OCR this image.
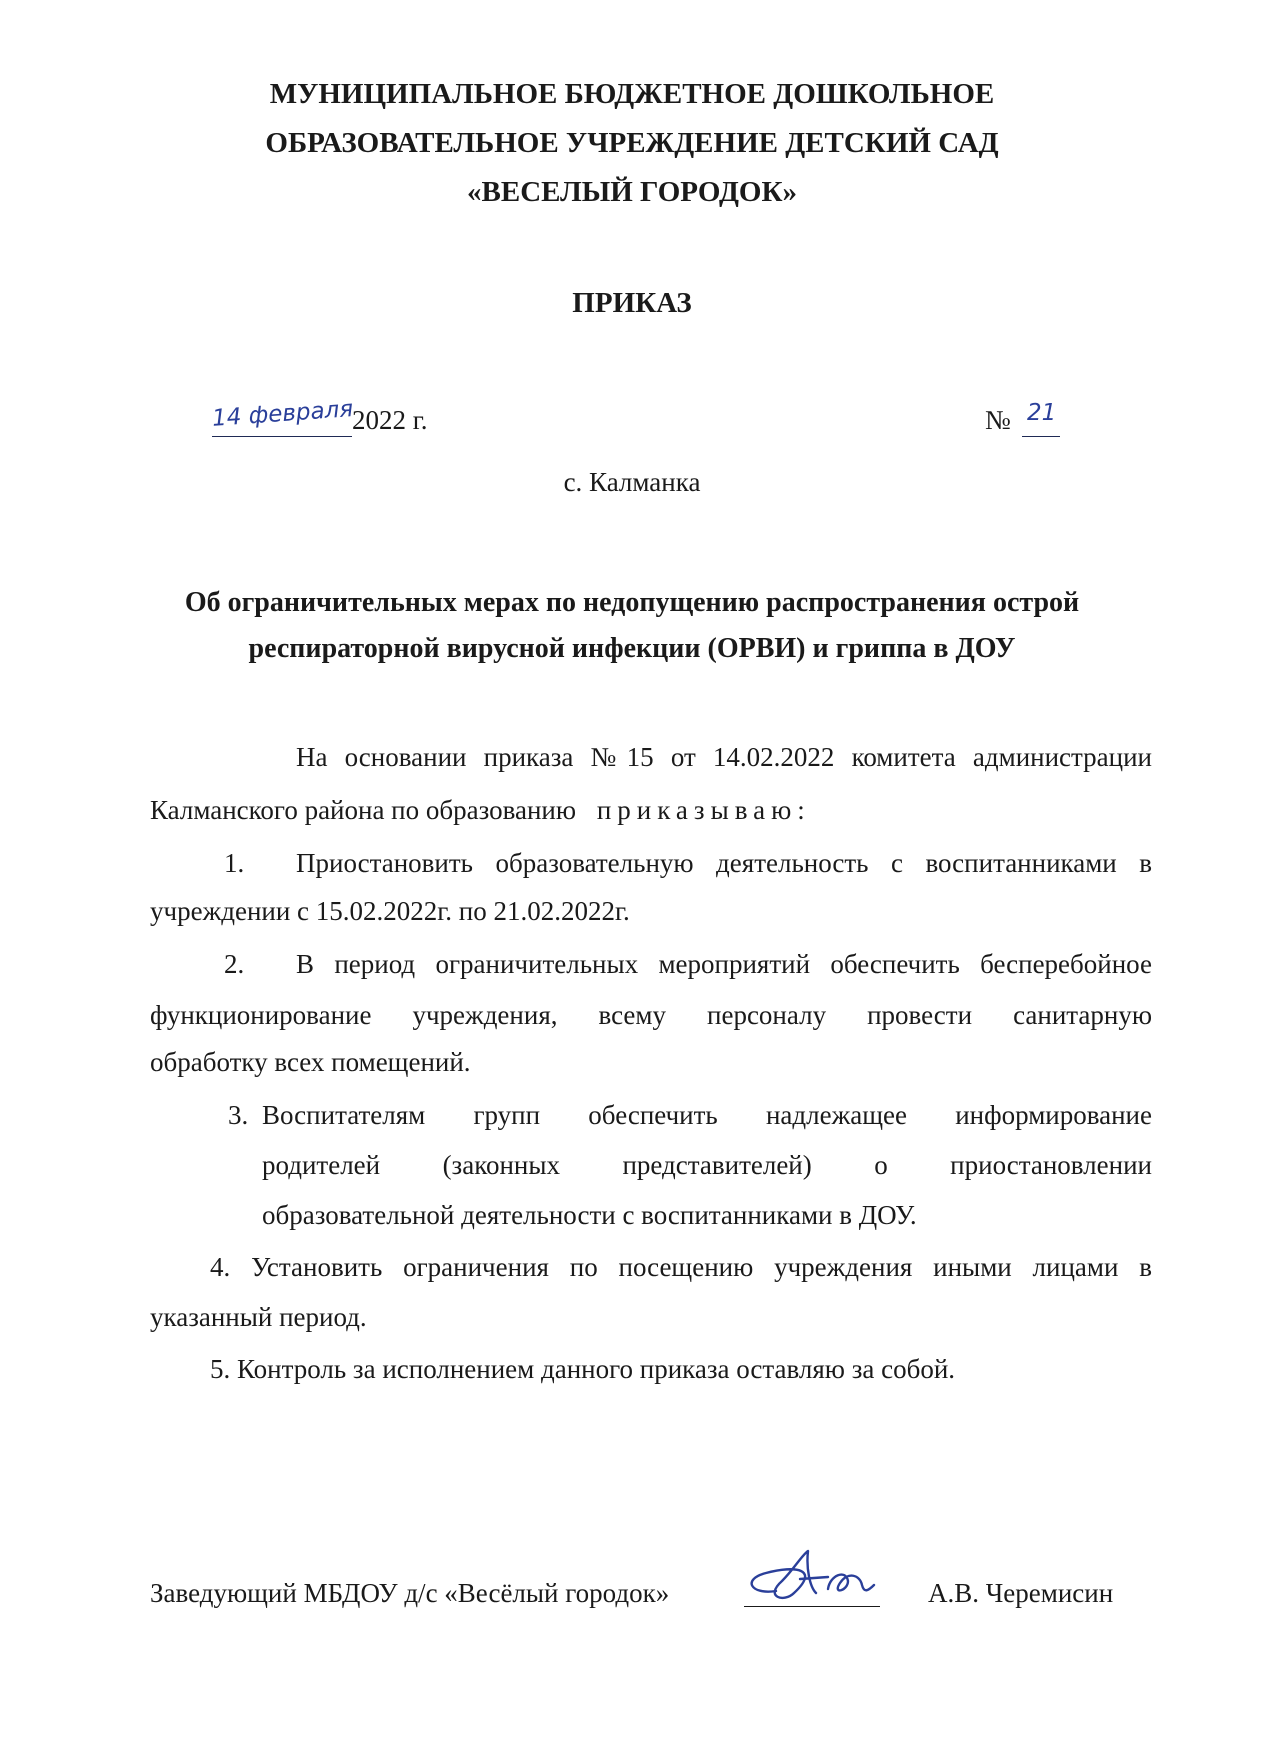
МУНИЦИПАЛЬНОЕ БЮДЖЕТНОЕ ДОШКОЛЬНОЕ
ОБРАЗОВАТЕЛЬНОЕ УЧРЕЖДЕНИЕ ДЕТСКИЙ САД
«ВЕСЕЛЫЙ ГОРОДОК»
ПРИКАЗ
14 февраля
2022 г.	№ 21
с. Калманка
Об ограничительных мерах по недопущению распространения острой
респираторной вирусной инфекции (ОРВИ) и гриппа в ДОУ
На основании приказа №15 от 14.02.2022 комитета администрации
Калманского района по образованию приказываю:
1. Приостановить образовательную деятельность с воспитанниками в
учреждении с 15.02.2022г. по 21.02.2022г.
2. В период ограничительных мероприятий обеспечить бесперебойное
функционирование учреждения, всему персоналу провести санитарную
обработку всех помещений.
3. Воспитателям групп обеспечить надлежащее информирование
родителей (законных представителей) о приостановлении
образовательной деятельности с воспитанниками в ДОУ.
4. Установить ограничения по посещению учреждения иными лицами в
указанный период.
5. Контроль за исполнением данного приказа оставляю за собой.
Заведующий МБДОУ д/с «Весёлый городок»	А.В. Черемисин
